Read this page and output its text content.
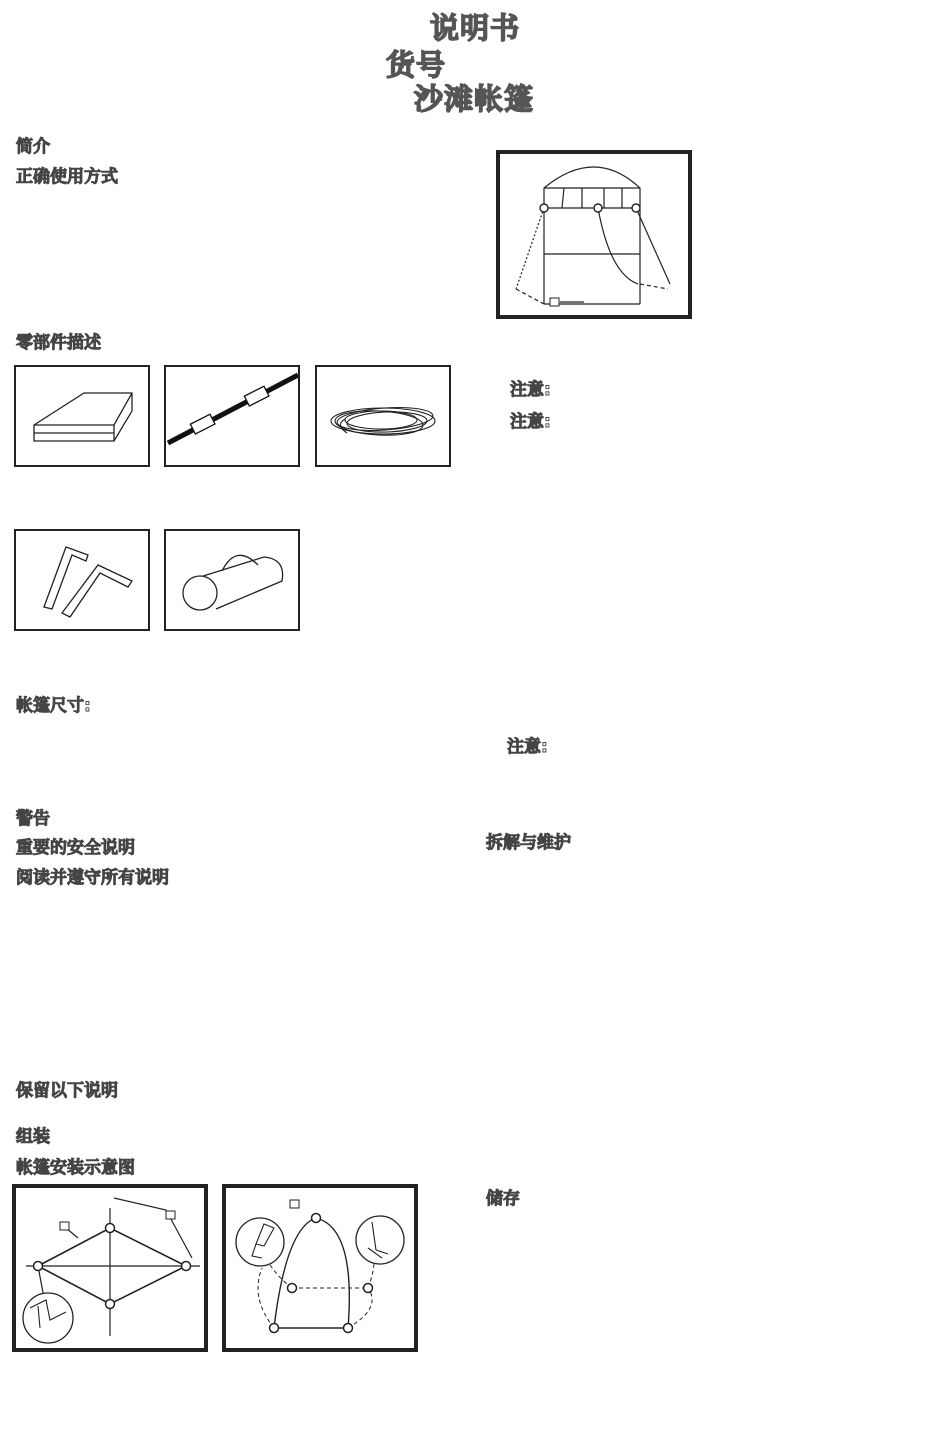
说明书
货号
沙滩帐篷
简介
正确使用方式
零部件描述
帐篷尺寸:
警告
重要的安全说明
阅读并遵守所有说明
保留以下说明
组装
帐篷安装示意图
注意:
注意:
注意:
拆解与维护
储存
